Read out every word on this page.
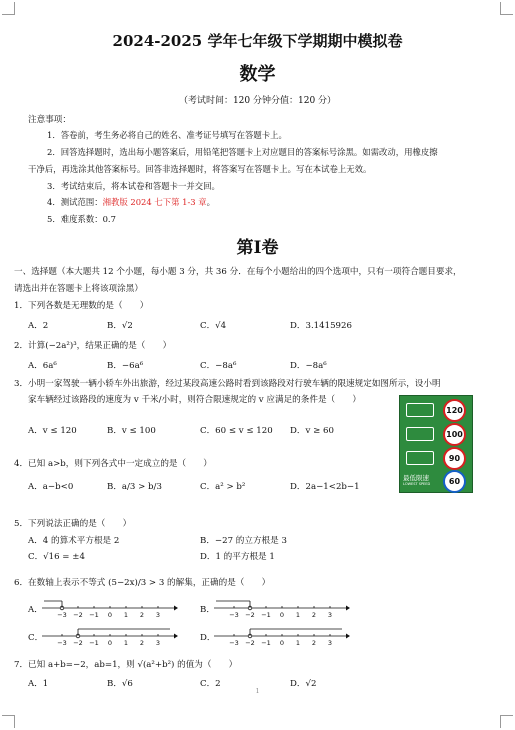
2024-2025 学年七年级下学期期中模拟卷
数学
（考试时间：120 分钟分值：120 分）
注意事项：
1．答卷前，考生务必将自己的姓名、准考证号填写在答题卡上。
2．回答选择题时，选出每小题答案后，用铅笔把答题卡上对应题目的答案标号涂黑。如需改动，用橡皮擦
干净后，再选涂其他答案标号。回答非选择题时，将答案写在答题卡上。写在本试卷上无效。
3．考试结束后，将本试卷和答题卡一并交回。
4．测试范围：湘教版 2024 七下第 1-3 章。
5．难度系数：0.7
第Ⅰ卷
一、选择题（本大题共 12 个小题，每小题 3 分，共 36 分．在每个小题给出的四个选项中，只有一项符合题目要求，
请选出并在答题卡上将该项涂黑）
1．下列各数是无理数的是（　　）
A．2	B．√2	C．√4	D．3.1415926
2．计算(−2a²)³，结果正确的是（　　）
A．6a⁶	B．−6a⁶	C．−8a⁶	D．−8a⁶
3．小明一家驾驶一辆小轿车外出旅游，经过某段高速公路时看到该路段对行驶车辆的限速规定如图所示，设小明
家车辆经过该路段的速度为 v 千米/小时，则符合限速规定的 v 应满足的条件是（　　）
A．v ≤ 120	B．v ≤ 100	C．60 ≤ v ≤ 120 D．v ≥ 60
120
100
90
最低限速
LOWEST SPEED	60
4．已知 a>b，则下列各式中一定成立的是（　　）
A．a−b<0	B．a/3 > b/3	C．a² > b²	D．2a−1<2b−1
5．下列说法正确的是（　　）
A．4 的算术平方根是 2	B．−27 的立方根是 3
C．√16 = ±4	D．1 的平方根是 1
6．在数轴上表示不等式 (5−2x)/3 > 3 的解集，正确的是（　　）
A． −3 −2 −1 0 1 2 3	B． −3 −2 −1 0 1 2 3
C． −3 −2 −1 0 1 2 3	D． −3 −2 −1 0 1 2 3
7．已知 a+b=−2，ab=1，则 √(a²+b²) 的值为（　　）
A．1	B．√6	C．2	D．√2
1
